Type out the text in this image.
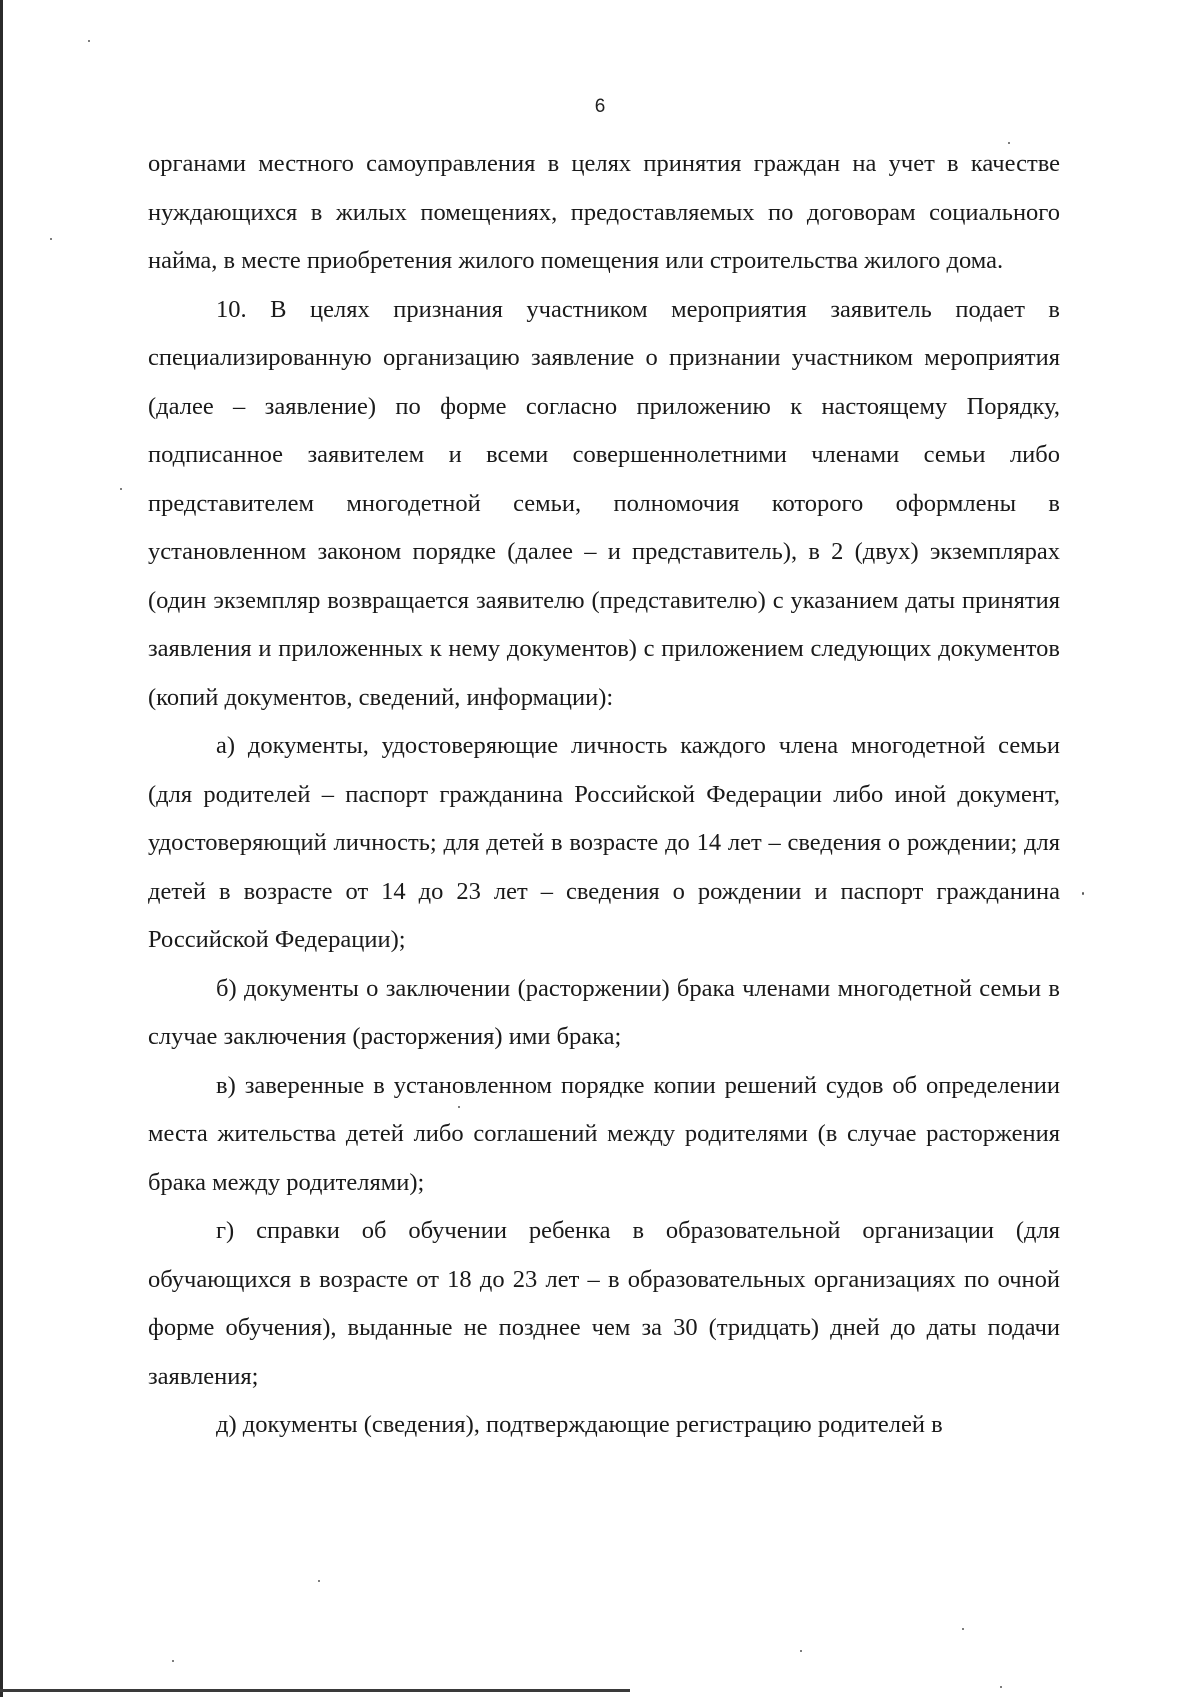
6

органами местного самоуправления в целях принятия граждан на учет в качестве нуждающихся в жилых помещениях, предоставляемых по договорам социального найма, в месте приобретения жилого помещения или строительства жилого дома.

10. В целях признания участником мероприятия заявитель подает в специализированную организацию заявление о признании участником мероприятия (далее – заявление) по форме согласно приложению к настоящему Порядку, подписанное заявителем и всеми совершеннолетними членами семьи либо представителем многодетной семьи, полномочия которого оформлены в установленном законом порядке (далее – и представитель), в 2 (двух) экземплярах (один экземпляр возвращается заявителю (представителю) с указанием даты принятия заявления и приложенных к нему документов) с приложением следующих документов (копий документов, сведений, информации):

а) документы, удостоверяющие личность каждого члена многодетной семьи (для родителей – паспорт гражданина Российской Федерации либо иной документ, удостоверяющий личность; для детей в возрасте до 14 лет – сведения о рождении; для детей в возрасте от 14 до 23 лет – сведения о рождении и паспорт гражданина Российской Федерации);

б) документы о заключении (расторжении) брака членами многодетной семьи в случае заключения (расторжения) ими брака;

в) заверенные в установленном порядке копии решений судов об определении места жительства детей либо соглашений между родителями (в случае расторжения брака между родителями);

г) справки об обучении ребенка в образовательной организации (для обучающихся в возрасте от 18 до 23 лет – в образовательных организациях по очной форме обучения), выданные не позднее чем за 30 (тридцать) дней до даты подачи заявления;

д) документы (сведения), подтверждающие регистрацию родителей в
